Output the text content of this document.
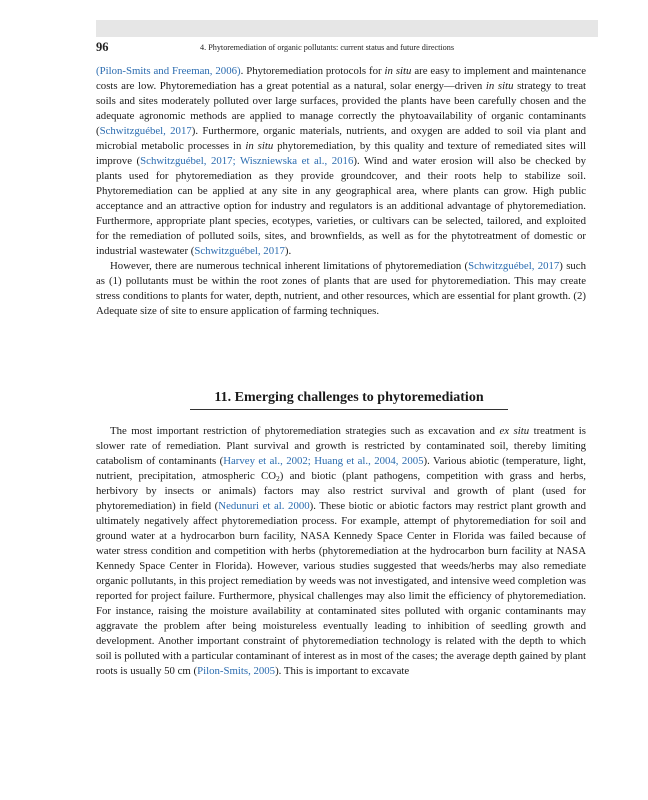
96	4. Phytoremediation of organic pollutants: current status and future directions

(Pilon-Smits and Freeman, 2006). Phytoremediation protocols for in situ are easy to implement and maintenance costs are low. Phytoremediation has a great potential as a natural, solar energy—driven in situ strategy to treat soils and sites moderately polluted over large surfaces, provided the plants have been carefully chosen and the adequate agronomic methods are applied to manage correctly the phytoavailability of organic contaminants (Schwitzguébel, 2017). Furthermore, organic materials, nutrients, and oxygen are added to soil via plant and microbial metabolic processes in in situ phytoremediation, by this quality and texture of remediated sites will improve (Schwitzguébel, 2017; Wiszniewska et al., 2016). Wind and water erosion will also be checked by plants used for phytoremediation as they provide groundcover, and their roots help to stabilize soil. Phytoremediation can be applied at any site in any geographical area, where plants can grow. High public acceptance and an attractive option for industry and regulators is an additional advantage of phytoremediation. Furthermore, appropriate plant species, ecotypes, varieties, or cultivars can be selected, tailored, and exploited for the remediation of polluted soils, sites, and brownfields, as well as for the phytotreatment of domestic or industrial wastewater (Schwitzguébel, 2017).

However, there are numerous technical inherent limitations of phytoremediation (Schwitzguébel, 2017) such as (1) pollutants must be within the root zones of plants that are used for phytoremediation. This may create stress conditions to plants for water, depth, nutrient, and other resources, which are essential for plant growth. (2) Adequate size of site to ensure application of farming techniques.

11. Emerging challenges to phytoremediation

The most important restriction of phytoremediation strategies such as excavation and ex situ treatment is slower rate of remediation. Plant survival and growth is restricted by contaminated soil, thereby limiting catabolism of contaminants (Harvey et al., 2002; Huang et al., 2004, 2005). Various abiotic (temperature, light, nutrient, precipitation, atmospheric $CO_2$) and biotic (plant pathogens, competition with grass and herbs, herbivory by insects or animals) factors may also restrict survival and growth of plant (used for phytoremediation) in field (Nedunuri et al. 2000). These biotic or abiotic factors may restrict plant growth and ultimately negatively affect phytoremediation process. For example, attempt of phytoremediation for soil and ground water at a hydrocarbon burn facility, NASA Kennedy Space Center in Florida was failed because of water stress condition and competition with herbs (phytoremediation at the hydrocarbon burn facility at NASA Kennedy Space Center in Florida). However, various studies suggested that weeds/herbs may also remediate organic pollutants, in this project remediation by weeds was not investigated, and intensive weed completion was reported for project failure. Furthermore, physical challenges may also limit the efficiency of phytoremediation. For instance, raising the moisture availability at contaminated sites polluted with organic contaminants may aggravate the problem after being moistureless eventually leading to inhibition of seedling growth and development. Another important constraint of phytoremediation technology is related with the depth to which soil is polluted with a particular contaminant of interest as in most of the cases; the average depth gained by plant roots is usually 50 cm (Pilon-Smits, 2005). This is important to excavate
